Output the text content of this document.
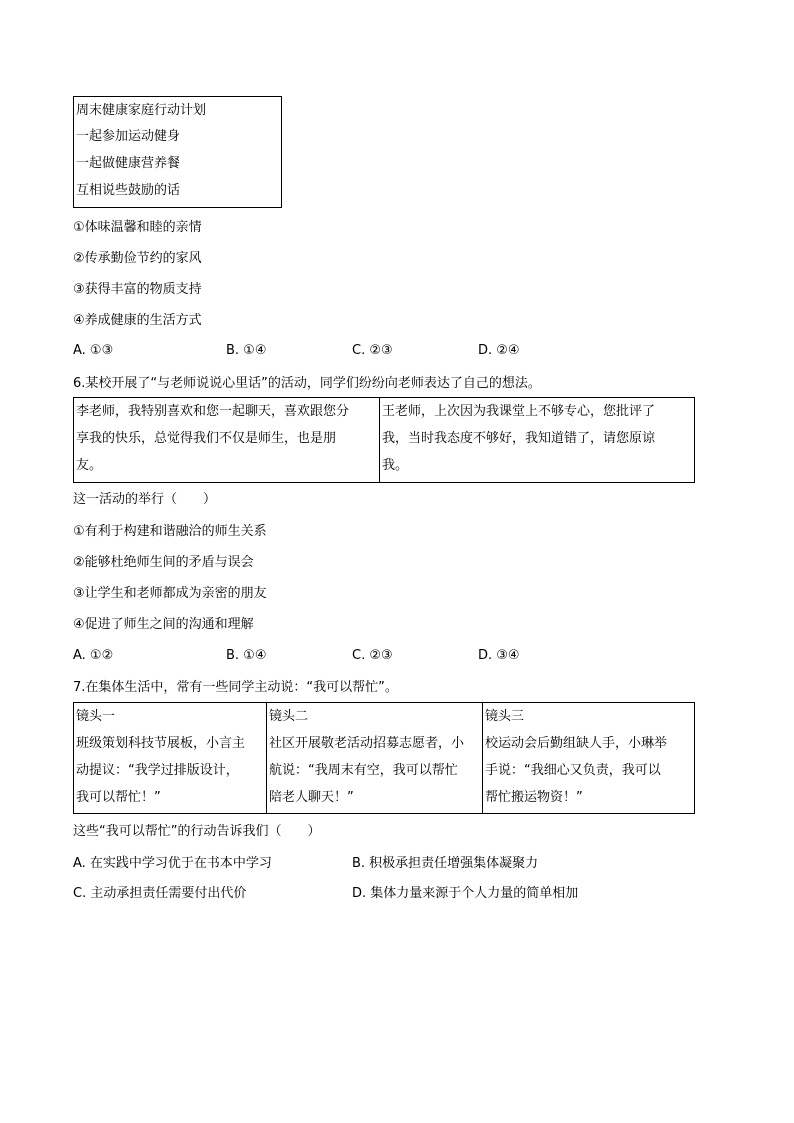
周末健康家庭行动计划
一起参加运动健身
一起做健康营养餐
互相说些鼓励的话
①体味温馨和睦的亲情
②传承勤俭节约的家风
③获得丰富的物质支持
④养成健康的生活方式
A. ①③	B. ①④	C. ②③	D. ②④
6.某校开展了“与老师说说心里话”的活动，同学们纷纷向老师表达了自己的想法。
李老师，我特别喜欢和您一起聊天，喜欢跟您分
享我的快乐，总觉得我们不仅是师生，也是朋
友。

王老师，上次因为我课堂上不够专心，您批评了
我，当时我态度不够好，我知道错了，请您原谅
我。
这一活动的举行（　　）
①有利于构建和谐融洽的师生关系
②能够杜绝师生间的矛盾与误会
③让学生和老师都成为亲密的朋友
④促进了师生之间的沟通和理解
A. ①②	B. ①④	C. ②③	D. ③④
7.在集体生活中，常有一些同学主动说：“我可以帮忙”。
镜头一
班级策划科技节展板，小言主
动提议：“我学过排版设计，
我可以帮忙！”

镜头二
社区开展敬老活动招募志愿者，小
航说：“我周末有空，我可以帮忙
陪老人聊天！”

镜头三
校运动会后勤组缺人手，小琳举
手说：“我细心又负责，我可以
帮忙搬运物资！”
这些“我可以帮忙”的行动告诉我们（　　）
A. 在实践中学习优于在书本中学习	B. 积极承担责任增强集体凝聚力
C. 主动承担责任需要付出代价	D. 集体力量来源于个人力量的简单相加
